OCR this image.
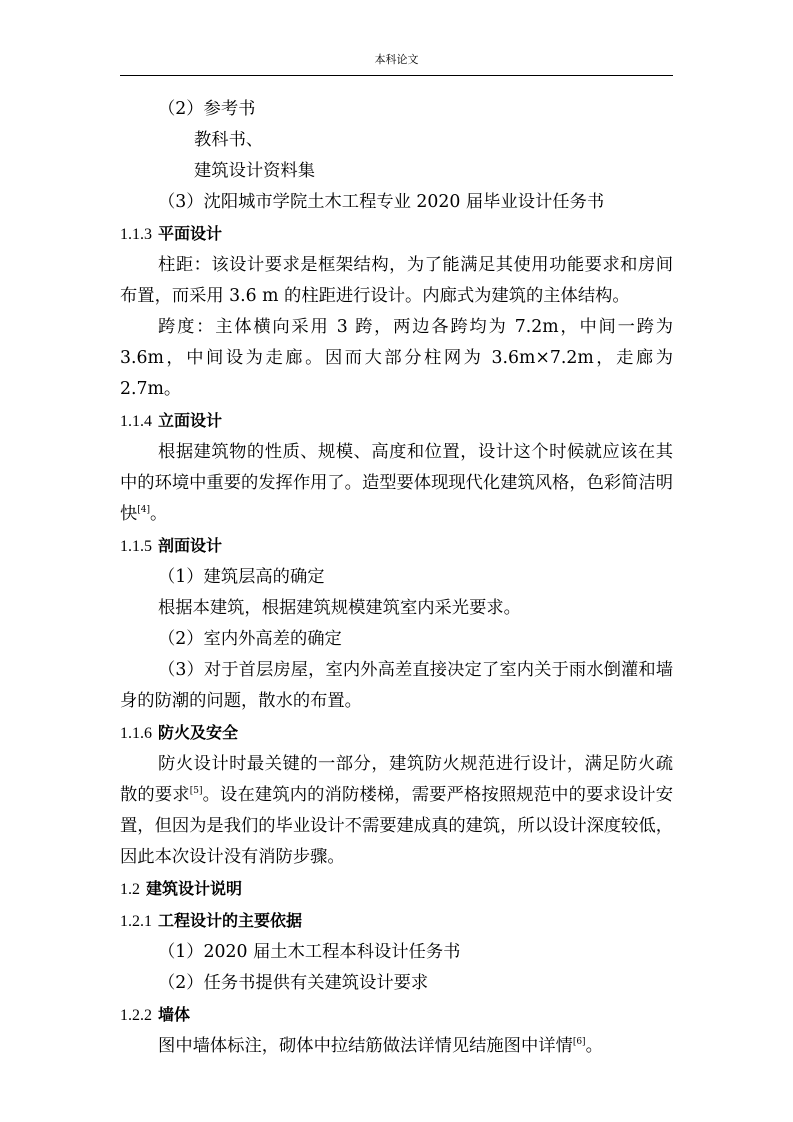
本科论文
（2）参考书
教科书、
建筑设计资料集
（3）沈阳城市学院土木工程专业 2020 届毕业设计任务书
1.1.3 平面设计
柱距：该设计要求是框架结构，为了能满足其使用功能要求和房间布置，而采用 3.6 m 的柱距进行设计。内廊式为建筑的主体结构。
跨度：主体横向采用 3 跨，两边各跨均为 7.2m，中间一跨为 3.6m，中间设为走廊。因而大部分柱网为 3.6m×7.2m，走廊为 2.7m。
1.1.4 立面设计
根据建筑物的性质、规模、高度和位置，设计这个时候就应该在其中的环境中重要的发挥作用了。造型要体现现代化建筑风格，色彩简洁明快[4]。
1.1.5 剖面设计
（1）建筑层高的确定
根据本建筑，根据建筑规模建筑室内采光要求。
（2）室内外高差的确定
（3）对于首层房屋，室内外高差直接决定了室内关于雨水倒灌和墙身的防潮的问题，散水的布置。
1.1.6 防火及安全
防火设计时最关键的一部分，建筑防火规范进行设计，满足防火疏散的要求[5]。设在建筑内的消防楼梯，需要严格按照规范中的要求设计安置，但因为是我们的毕业设计不需要建成真的建筑，所以设计深度较低，因此本次设计没有消防步骤。
1.2 建筑设计说明
1.2.1 工程设计的主要依据
（1）2020 届土木工程本科设计任务书
（2）任务书提供有关建筑设计要求
1.2.2 墙体
图中墙体标注，砌体中拉结筋做法详情见结施图中详情[6]。
